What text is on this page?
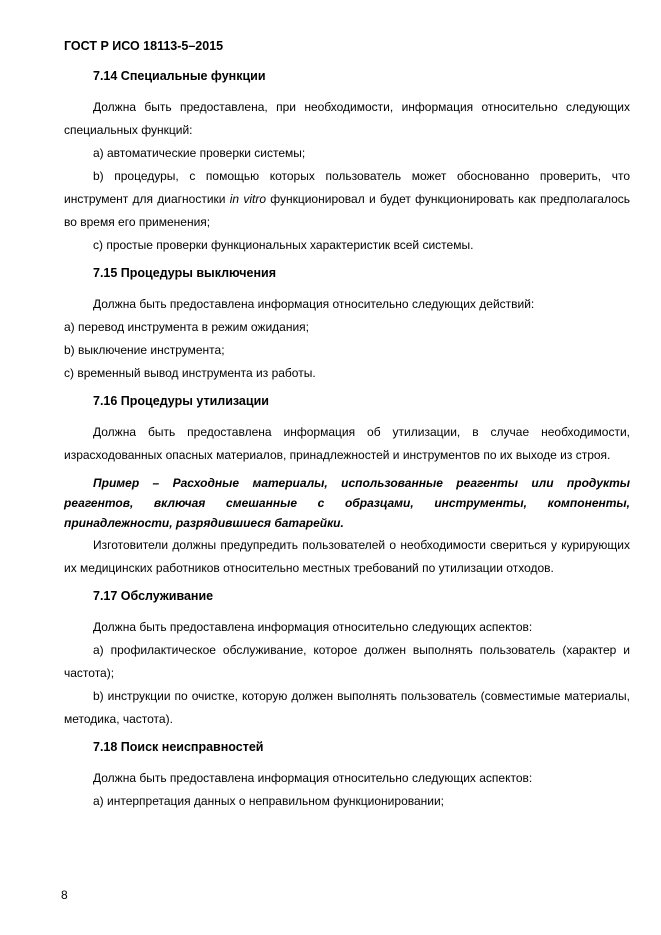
ГОСТ Р ИСО 18113-5–2015
7.14 Специальные функции

Должна быть предоставлена, при необходимости, информация относительно следующих специальных функций:

а) автоматические проверки системы;

b) процедуры, с помощью которых пользователь может обоснованно проверить, что инструмент для диагностики in vitro функционировал и будет функционировать как предполагалось во время его применения;

c) простые проверки функциональных характеристик всей системы.

7.15 Процедуры выключения

Должна быть предоставлена информация относительно следующих действий:

а) перевод инструмента в режим ожидания;

b) выключение инструмента;

c) временный вывод инструмента из работы.

7.16 Процедуры утилизации

Должна быть предоставлена информация об утилизации, в случае необходимости, израсходованных опасных материалов, принадлежностей и инструментов по их выходе из строя.

Пример – Расходные материалы, использованные реагенты или продукты реагентов, включая смешанные с образцами, инструменты, компоненты, принадлежности, разрядившиеся батарейки.

Изготовители должны предупредить пользователей о необходимости свериться у курирующих их медицинских работников относительно местных требований по утилизации отходов.

7.17 Обслуживание

Должна быть предоставлена информация относительно следующих аспектов:

а) профилактическое обслуживание, которое должен выполнять пользователь (характер и частота);

b) инструкции по очистке, которую должен выполнять пользователь (совместимые материалы, методика, частота).

7.18 Поиск неисправностей

Должна быть предоставлена информация относительно следующих аспектов:

а) интерпретация данных о неправильном функционировании;

8
